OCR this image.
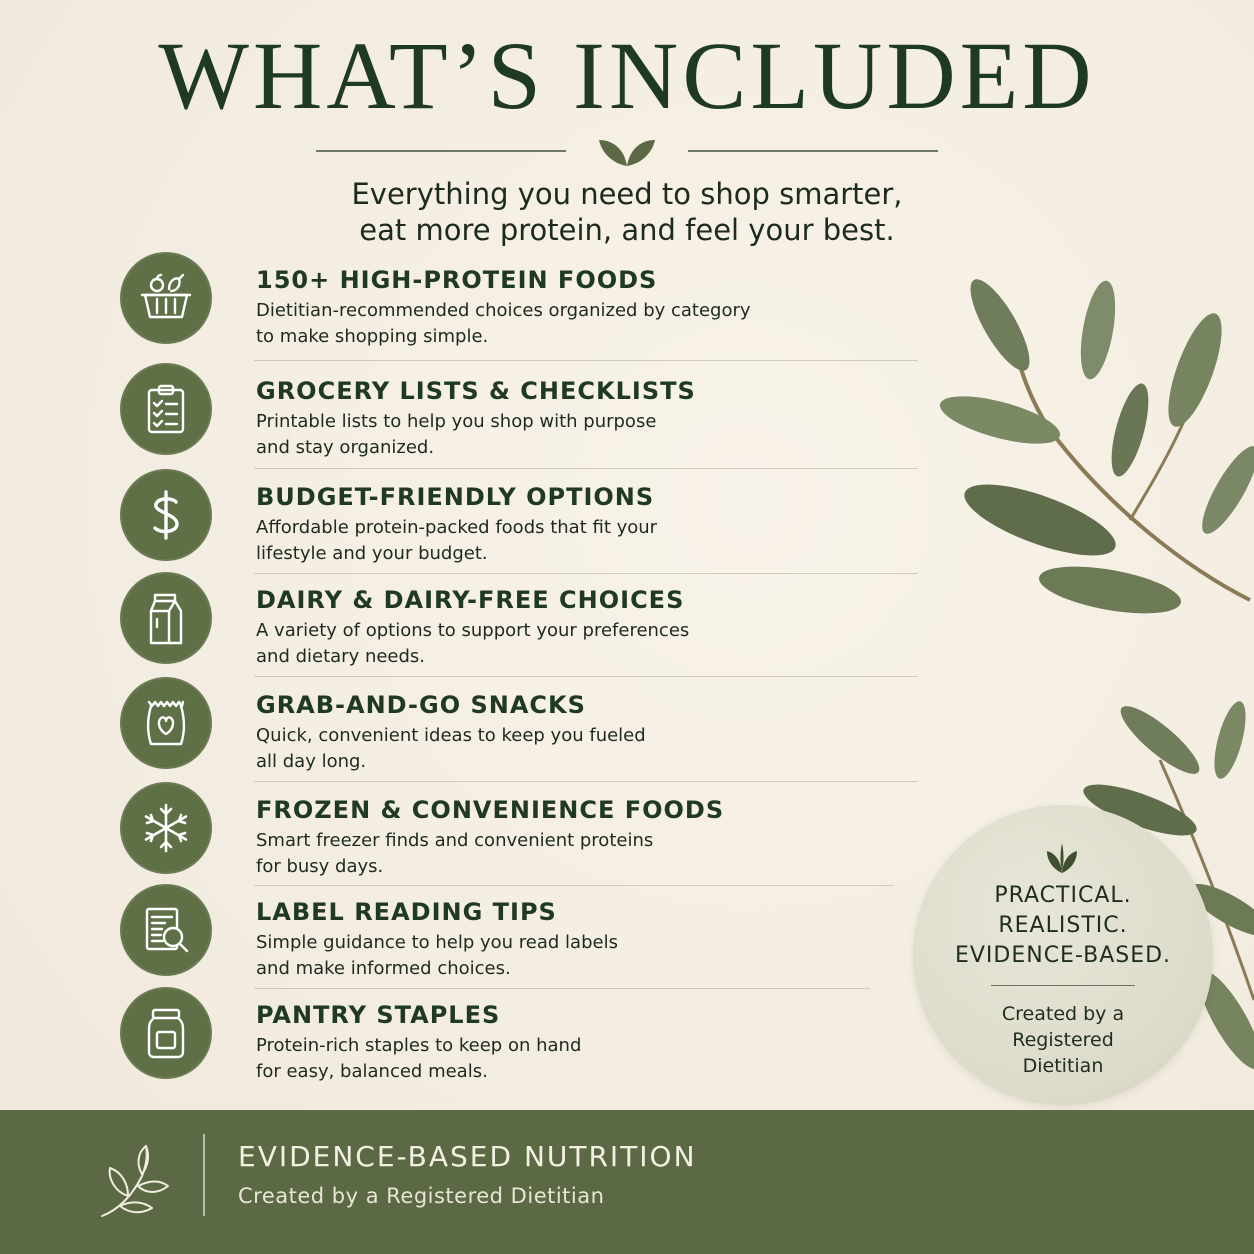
WHAT’S INCLUDED
Everything you need to shop smarter,
eat more protein, and feel your best.
150+ HIGH-PROTEIN FOODS
Dietitian-recommended choices organized by category
to make shopping simple.
GROCERY LISTS & CHECKLISTS
Printable lists to help you shop with purpose
and stay organized.
BUDGET-FRIENDLY OPTIONS
Affordable protein-packed foods that fit your
lifestyle and your budget.
DAIRY & DAIRY-FREE CHOICES
A variety of options to support your preferences
and dietary needs.
GRAB-AND-GO SNACKS
Quick, convenient ideas to keep you fueled
all day long.
FROZEN & CONVENIENCE FOODS
Smart freezer finds and convenient proteins
for busy days.
LABEL READING TIPS
Simple guidance to help you read labels
and make informed choices.
PANTRY STAPLES
Protein-rich staples to keep on hand
for easy, balanced meals.
PRACTICAL.
REALISTIC.
EVIDENCE-BASED.
Created by a
Registered
Dietitian
EVIDENCE-BASED NUTRITION
Created by a Registered Dietitian
